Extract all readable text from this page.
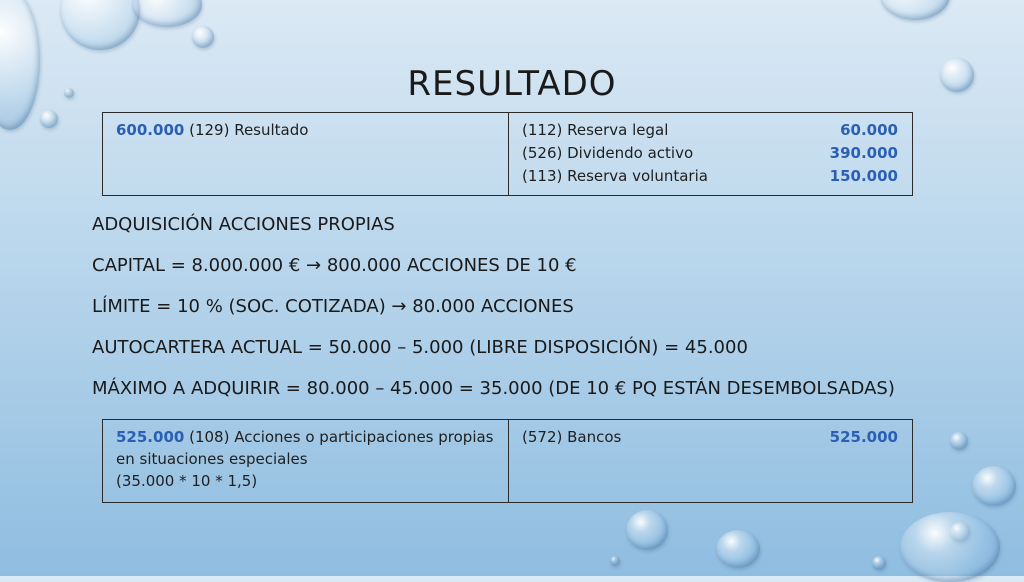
RESULTADO
600.000 (129) Resultado	(112) Reserva legal	60.000
(526) Dividendo activo	390.000
(113) Reserva voluntaria	150.000
ADQUISICIÓN ACCIONES PROPIAS
CAPITAL = 8.000.000 € → 800.000 ACCIONES DE 10 €
LÍMITE = 10 % (SOC. COTIZADA) → 80.000 ACCIONES
AUTOCARTERA ACTUAL = 50.000 – 5.000 (LIBRE DISPOSICIÓN) = 45.000
MÁXIMO A ADQUIRIR = 80.000 – 45.000 = 35.000 (DE 10 € PQ ESTÁN DESEMBOLSADAS)
525.000 (108) Acciones o participaciones propias
en situaciones especiales
(35.000 * 10 * 1,5)

(572) Bancos	525.000
